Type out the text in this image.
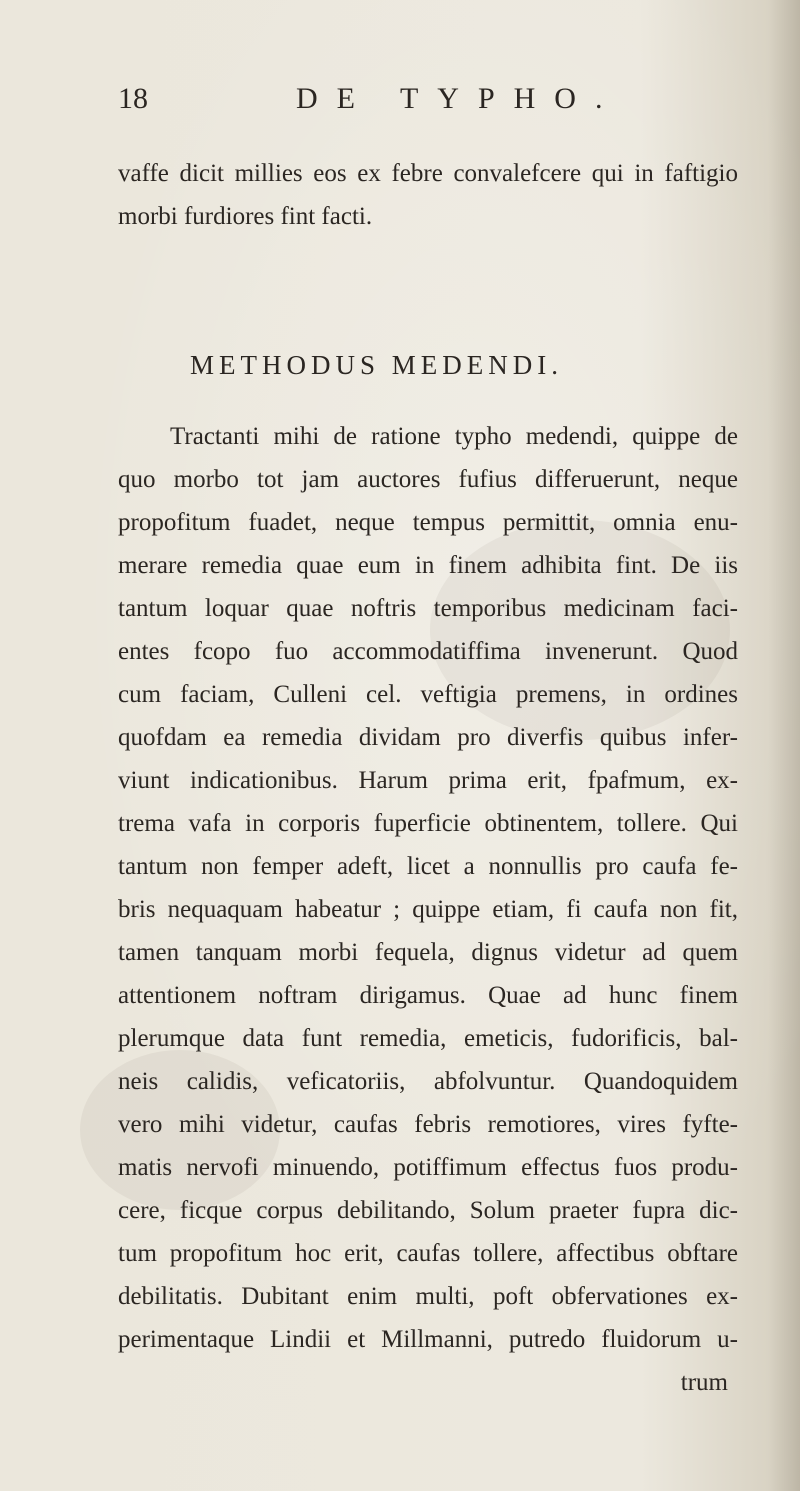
18	DE TYPHO.
vaffe dicit millies eos ex febre convalefcere qui in faftigio
morbi furdiores fint facti.
METHODUS MEDENDI.
Tractanti mihi de ratione typho medendi, quippe de
quo morbo tot jam auctores fufius differuerunt, neque
propofitum fuadet, neque tempus permittit, omnia enu-
merare remedia quae eum in finem adhibita fint. De iis
tantum loquar quae noftris temporibus medicinam faci-
entes fcopo fuo accommodatiffima invenerunt. Quod
cum faciam, Culleni cel. veftigia premens, in ordines
quofdam ea remedia dividam pro diverfis quibus infer-
viunt indicationibus. Harum prima erit, fpafmum, ex-
trema vafa in corporis fuperficie obtinentem, tollere. Qui
tantum non femper adeft, licet a nonnullis pro caufa fe-
bris nequaquam habeatur ; quippe etiam, fi caufa non fit,
tamen tanquam morbi fequela, dignus videtur ad quem
attentionem noftram dirigamus. Quae ad hunc finem
plerumque data funt remedia, emeticis, fudorificis, bal-
neis calidis, veficatoriis, abfolvuntur. Quandoquidem
vero mihi videtur, caufas febris remotiores, vires fyfte-
matis nervofi minuendo, potiffimum effectus fuos produ-
cere, ficque corpus debilitando, Solum praeter fupra dic-
tum propofitum hoc erit, caufas tollere, affectibus obftare
debilitatis. Dubitant enim multi, poft obfervationes ex-
perimentaque Lindii et Millmanni, putredo fluidorum u-
trum
